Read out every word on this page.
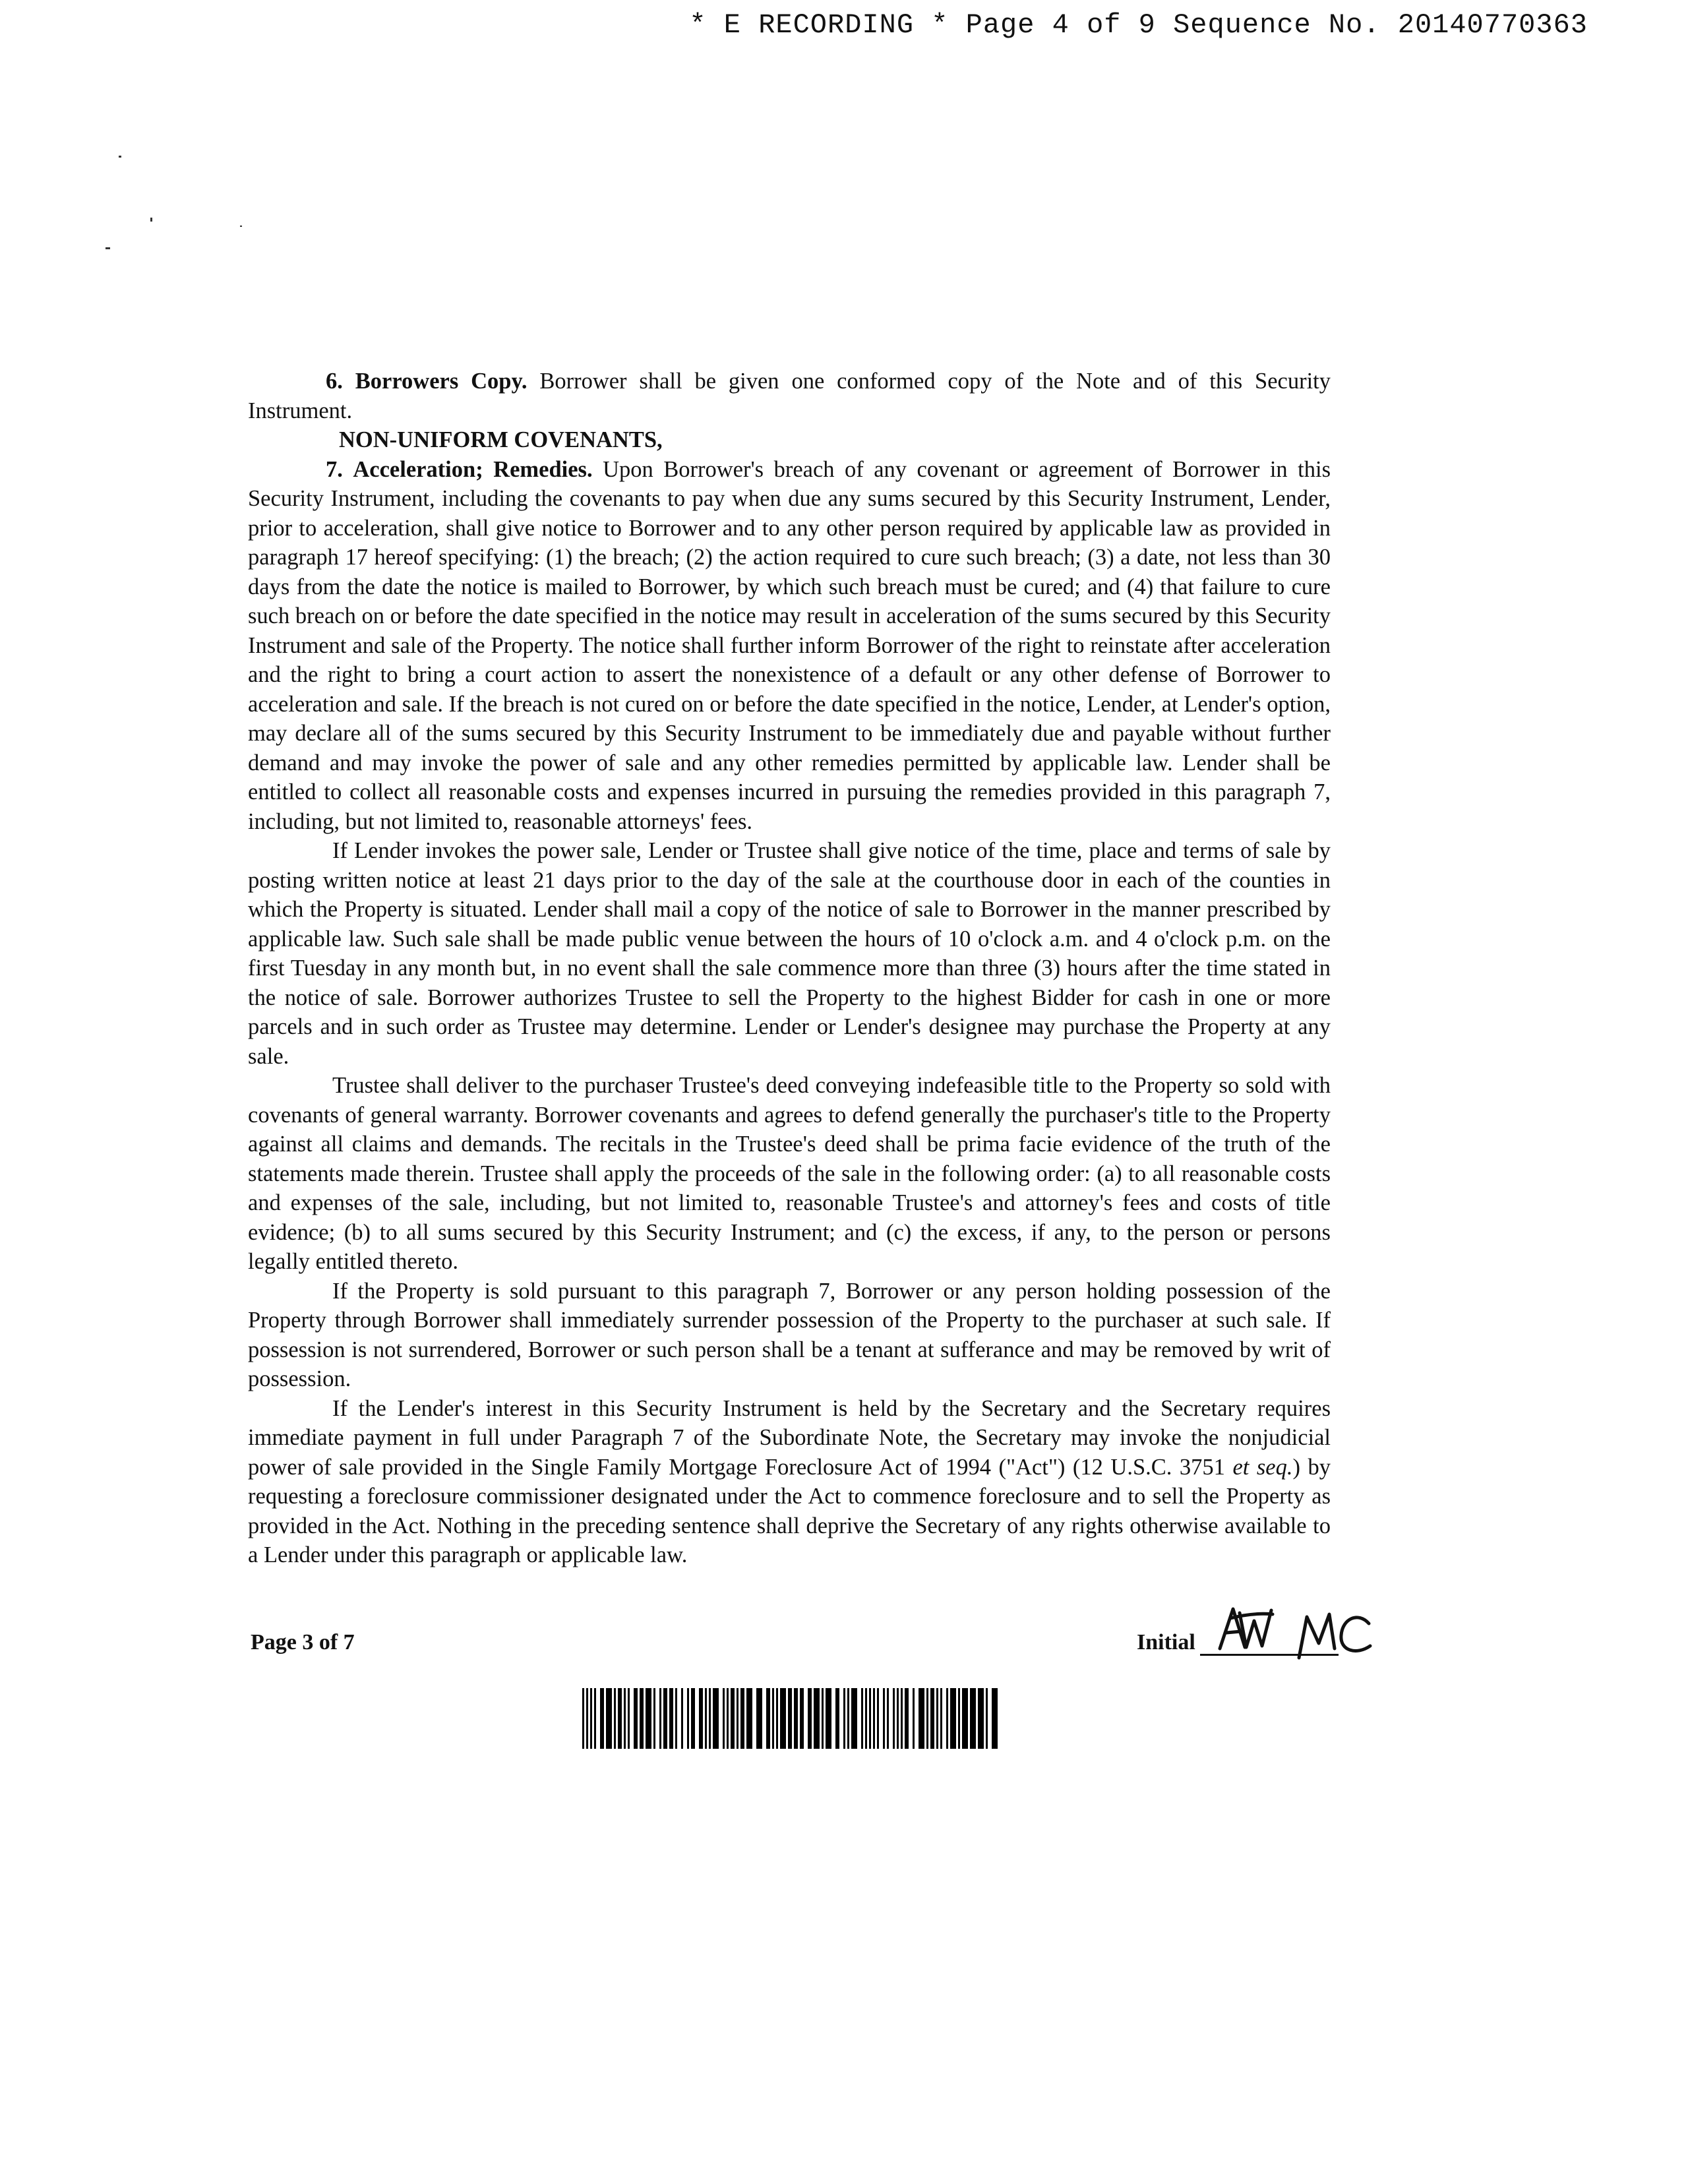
* E RECORDING * Page 4 of 9 Sequence No. 20140770363

6. Borrowers Copy. Borrower shall be given one conformed copy of the Note and of this Security Instrument.

NON-UNIFORM COVENANTS,

7. Acceleration; Remedies. Upon Borrower's breach of any covenant or agreement of Borrower in this Security Instrument, including the covenants to pay when due any sums secured by this Security Instrument, Lender, prior to acceleration, shall give notice to Borrower and to any other person required by applicable law as provided in paragraph 17 hereof specifying: (1) the breach; (2) the action required to cure such breach; (3) a date, not less than 30 days from the date the notice is mailed to Borrower, by which such breach must be cured; and (4) that failure to cure such breach on or before the date specified in the notice may result in acceleration of the sums secured by this Security Instrument and sale of the Property. The notice shall further inform Borrower of the right to reinstate after acceleration and the right to bring a court action to assert the nonexistence of a default or any other defense of Borrower to acceleration and sale. If the breach is not cured on or before the date specified in the notice, Lender, at Lender's option, may declare all of the sums secured by this Security Instrument to be immediately due and payable without further demand and may invoke the power of sale and any other remedies permitted by applicable law. Lender shall be entitled to collect all reasonable costs and expenses incurred in pursuing the remedies provided in this paragraph 7, including, but not limited to, reasonable attorneys' fees.

If Lender invokes the power sale, Lender or Trustee shall give notice of the time, place and terms of sale by posting written notice at least 21 days prior to the day of the sale at the courthouse door in each of the counties in which the Property is situated. Lender shall mail a copy of the notice of sale to Borrower in the manner prescribed by applicable law. Such sale shall be made public venue between the hours of 10 o'clock a.m. and 4 o'clock p.m. on the first Tuesday in any month but, in no event shall the sale commence more than three (3) hours after the time stated in the notice of sale. Borrower authorizes Trustee to sell the Property to the highest Bidder for cash in one or more parcels and in such order as Trustee may determine. Lender or Lender's designee may purchase the Property at any sale.

Trustee shall deliver to the purchaser Trustee's deed conveying indefeasible title to the Property so sold with covenants of general warranty. Borrower covenants and agrees to defend generally the purchaser's title to the Property against all claims and demands. The recitals in the Trustee's deed shall be prima facie evidence of the truth of the statements made therein. Trustee shall apply the proceeds of the sale in the following order: (a) to all reasonable costs and expenses of the sale, including, but not limited to, reasonable Trustee's and attorney's fees and costs of title evidence; (b) to all sums secured by this Security Instrument; and (c) the excess, if any, to the person or persons legally entitled thereto.

If the Property is sold pursuant to this paragraph 7, Borrower or any person holding possession of the Property through Borrower shall immediately surrender possession of the Property to the purchaser at such sale. If possession is not surrendered, Borrower or such person shall be a tenant at sufferance and may be removed by writ of possession.

If the Lender's interest in this Security Instrument is held by the Secretary and the Secretary requires immediate payment in full under Paragraph 7 of the Subordinate Note, the Secretary may invoke the nonjudicial power of sale provided in the Single Family Mortgage Foreclosure Act of 1994 ("Act") (12 U.S.C. 3751 et seq.) by requesting a foreclosure commissioner designated under the Act to commence foreclosure and to sell the Property as provided in the Act. Nothing in the preceding sentence shall deprive the Secretary of any rights otherwise available to a Lender under this paragraph or applicable law.

Page 3 of 7	Initial
